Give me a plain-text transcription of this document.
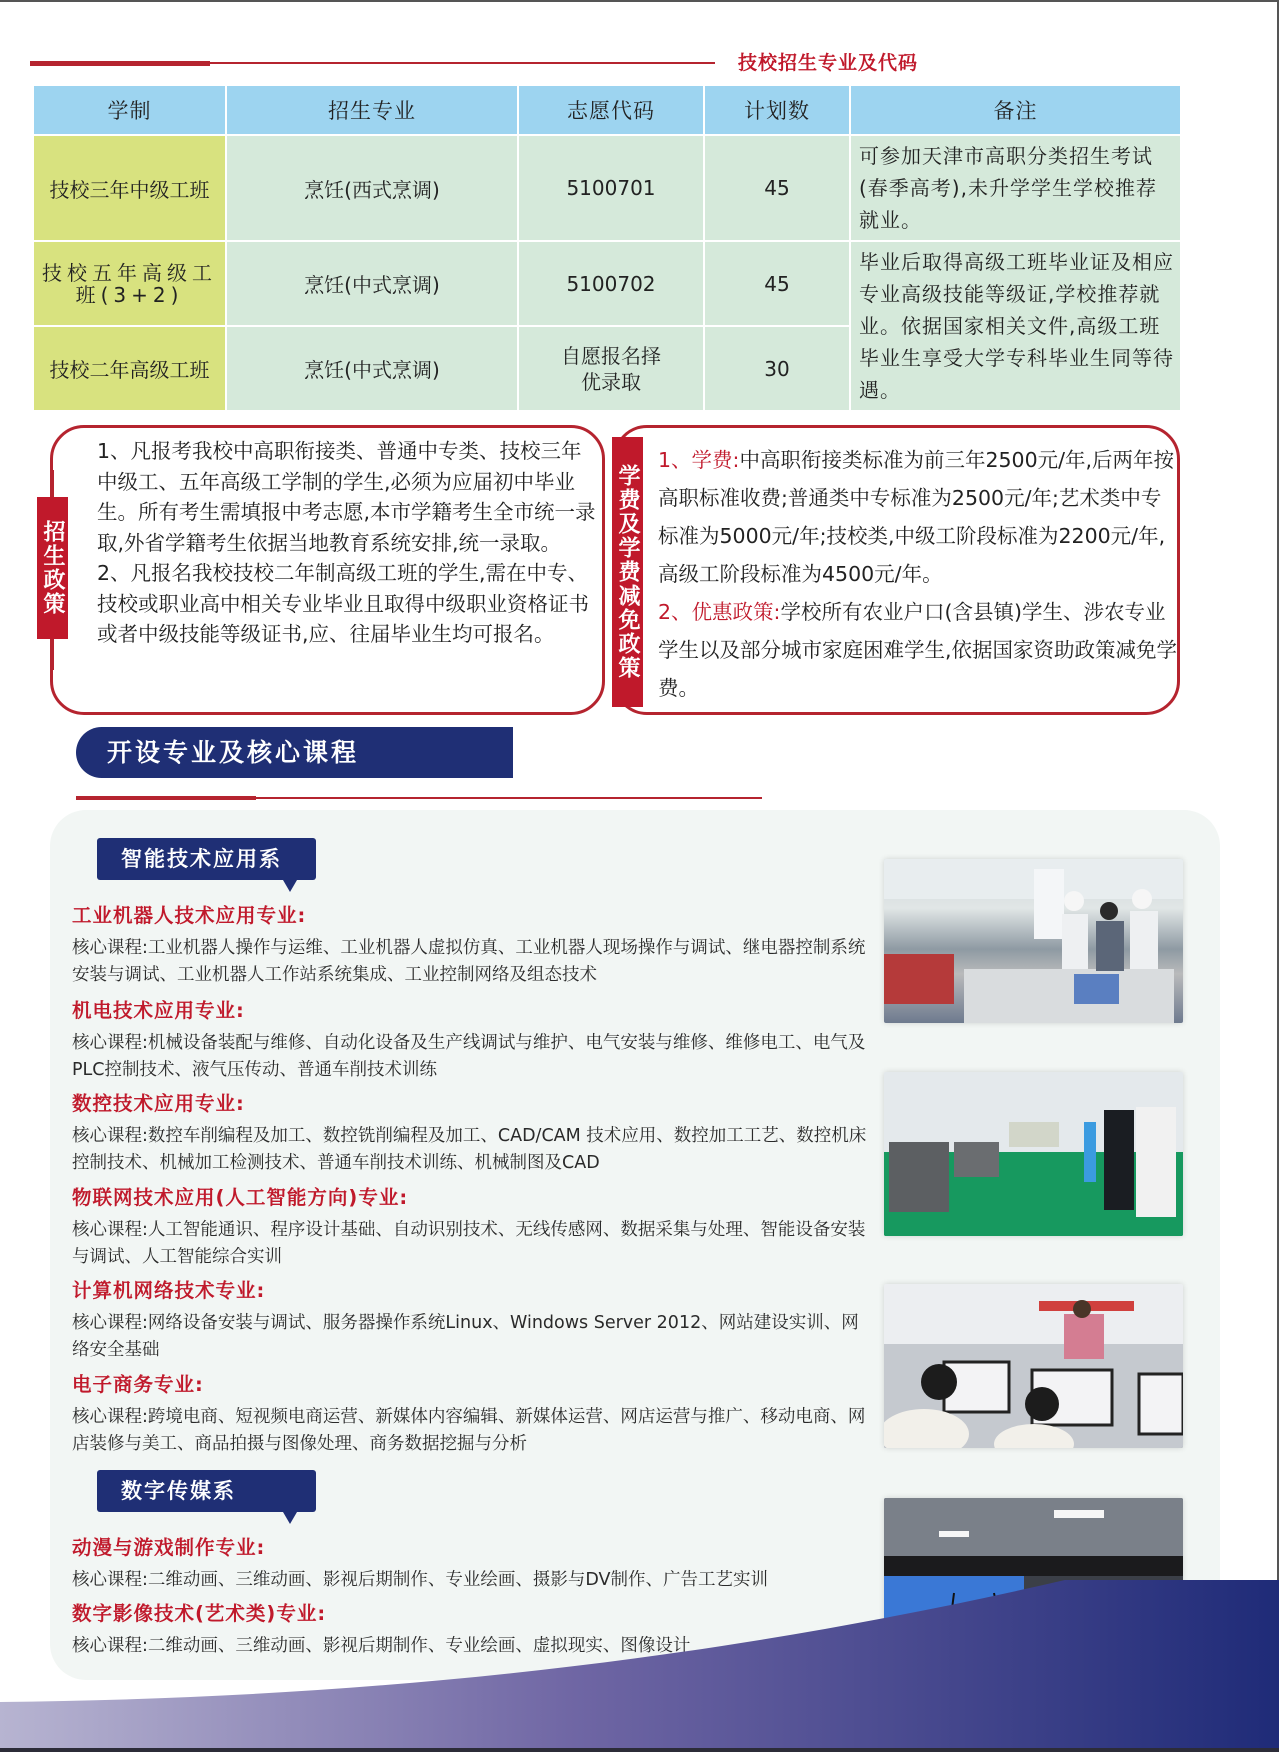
技校招生专业及代码
学制	招生专业	志愿代码	计划数	备注
技校三年中级工班	烹饪(西式烹调)	5100701	45	可参加天津市高职分类招生考试(春季高考),未升学学生学校推荐就业。
技校五年高级工班(3+2)	烹饪(中式烹调)	5100702	45	毕业后取得高级工班毕业证及相应专业高级技能等级证,学校推荐就业。依据国家相关文件,高级工班毕业生享受大学专科毕业生同等待遇。
技校二年高级工班	烹饪(中式烹调)	自愿报名择优录取	30	
招生政策
1、凡报考我校中高职衔接类、普通中专类、技校三年中级工、五年高级工学制的学生,必须为应届初中毕业生。所有考生需填报中考志愿,本市学籍考生全市统一录取,外省学籍考生依据当地教育系统安排,统一录取。
2、凡报名我校技校二年制高级工班的学生,需在中专、技校或职业高中相关专业毕业且取得中级职业资格证书或者中级技能等级证书,应、往届毕业生均可报名。	学费及学费减免政策
1、学费:中高职衔接类标准为前三年2500元/年,后两年按高职标准收费;普通类中专标准为2500元/年;艺术类中专标准为5000元/年;技校类,中级工阶段标准为2200元/年,高级工阶段标准为4500元/年。
2、优惠政策:学校所有农业户口(含县镇)学生、涉农专业学生以及部分城市家庭困难学生,依据国家资助政策减免学费。
开设专业及核心课程
智能技术应用系
工业机器人技术应用专业:
核心课程:工业机器人操作与运维、工业机器人虚拟仿真、工业机器人现场操作与调试、继电器控制系统安装与调试、工业机器人工作站系统集成、工业控制网络及组态技术
机电技术应用专业:
核心课程:机械设备装配与维修、自动化设备及生产线调试与维护、电气安装与维修、维修电工、电气及PLC控制技术、液气压传动、普通车削技术训练
数控技术应用专业:
核心课程:数控车削编程及加工、数控铣削编程及加工、CAD/CAM 技术应用、数控加工工艺、数控机床控制技术、机械加工检测技术、普通车削技术训练、机械制图及CAD
物联网技术应用(人工智能方向)专业:
核心课程:人工智能通识、程序设计基础、自动识别技术、无线传感网、数据采集与处理、智能设备安装与调试、人工智能综合实训
计算机网络技术专业:
核心课程:网络设备安装与调试、服务器操作系统Linux、Windows Server 2012、网站建设实训、网络安全基础
电子商务专业:
核心课程:跨境电商、短视频电商运营、新媒体内容编辑、新媒体运营、网店运营与推广、移动电商、网店装修与美工、商品拍摄与图像处理、商务数据挖掘与分析
数字传媒系
动漫与游戏制作专业:
核心课程:二维动画、三维动画、影视后期制作、专业绘画、摄影与DV制作、广告工艺实训
数字影像技术(艺术类)专业:
核心课程:二维动画、三维动画、影视后期制作、专业绘画、虚拟现实、图像设计
